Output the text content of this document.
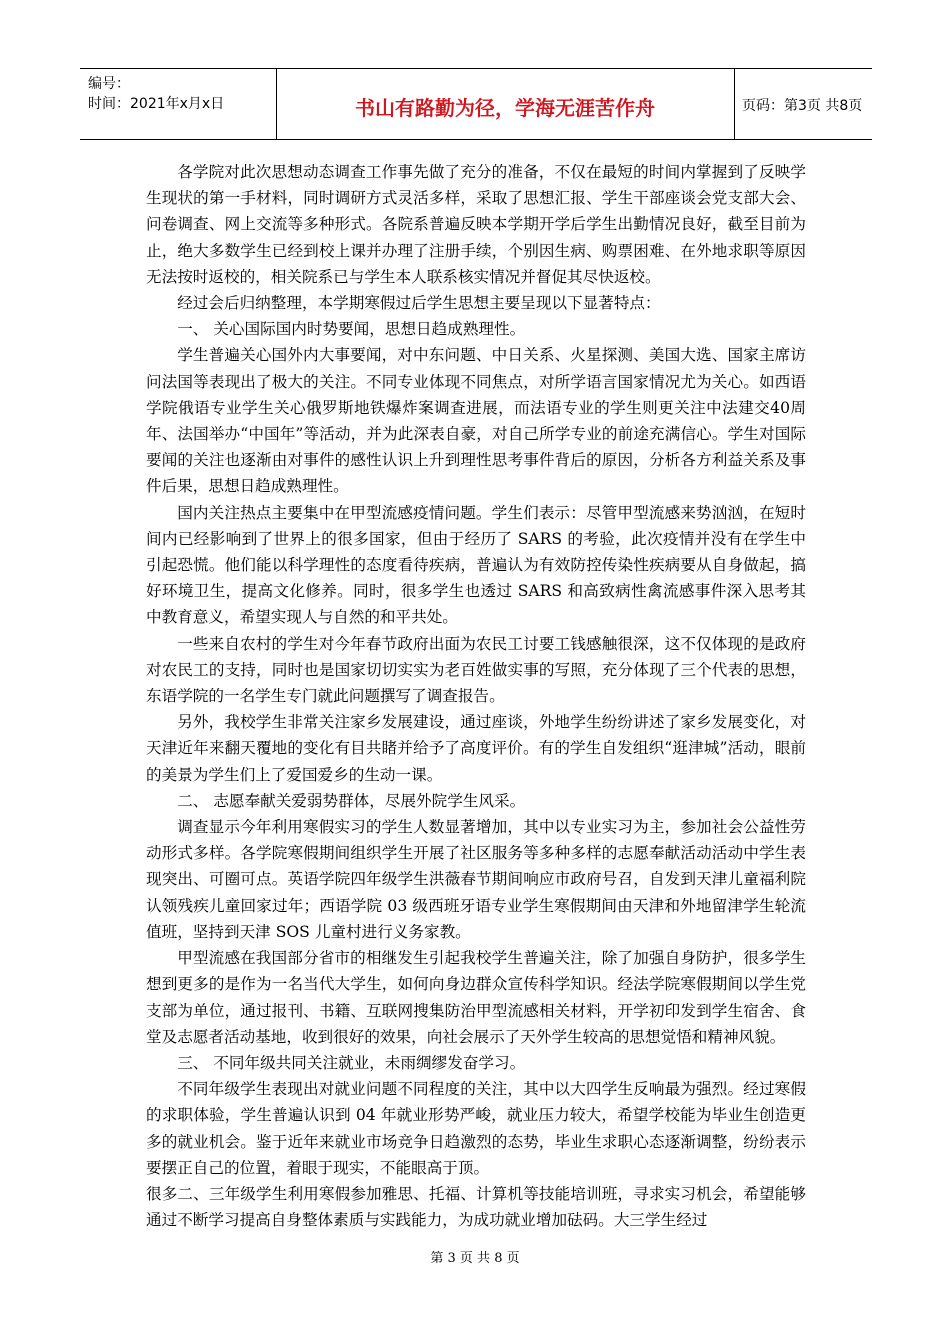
编号：
时间：2021年x月x日	书山有路勤为径，学海无涯苦作舟	页码：第3页 共8页

各学院对此次思想动态调查工作事先做了充分的准备，不仅在最短的时间内掌握到了反映学生现状的第一手材料，同时调研方式灵活多样，采取了思想汇报、学生干部座谈会党支部大会、问卷调查、网上交流等多种形式。各院系普遍反映本学期开学后学生出勤情况良好，截至目前为止，绝大多数学生已经到校上课并办理了注册手续，个别因生病、购票困难、在外地求职等原因无法按时返校的，相关院系已与学生本人联系核实情况并督促其尽快返校。

经过会后归纳整理，本学期寒假过后学生思想主要呈现以下显著特点：

一、 关心国际国内时势要闻，思想日趋成熟理性。

学生普遍关心国外内大事要闻，对中东问题、中日关系、火星探测、美国大选、国家主席访问法国等表现出了极大的关注。不同专业体现不同焦点，对所学语言国家情况尤为关心。如西语学院俄语专业学生关心俄罗斯地铁爆炸案调查进展，而法语专业的学生则更关注中法建交40周年、法国举办“中国年”等活动，并为此深表自豪，对自己所学专业的前途充满信心。学生对国际要闻的关注也逐渐由对事件的感性认识上升到理性思考事件背后的原因，分析各方利益关系及事件后果，思想日趋成熟理性。

国内关注热点主要集中在甲型流感疫情问题。学生们表示：尽管甲型流感来势汹汹，在短时间内已经影响到了世界上的很多国家，但由于经历了 SARS 的考验，此次疫情并没有在学生中引起恐慌。他们能以科学理性的态度看待疾病，普遍认为有效防控传染性疾病要从自身做起，搞好环境卫生，提高文化修养。同时，很多学生也透过 SARS 和高致病性禽流感事件深入思考其中教育意义，希望实现人与自然的和平共处。

一些来自农村的学生对今年春节政府出面为农民工讨要工钱感触很深，这不仅体现的是政府对农民工的支持，同时也是国家切切实实为老百姓做实事的写照，充分体现了三个代表的思想，东语学院的一名学生专门就此问题撰写了调查报告。

另外，我校学生非常关注家乡发展建设，通过座谈，外地学生纷纷讲述了家乡发展变化，对天津近年来翻天覆地的变化有目共睹并给予了高度评价。有的学生自发组织“逛津城”活动，眼前的美景为学生们上了爱国爱乡的生动一课。

二、 志愿奉献关爱弱势群体，尽展外院学生风采。

调查显示今年利用寒假实习的学生人数显著增加，其中以专业实习为主，参加社会公益性劳动形式多样。各学院寒假期间组织学生开展了社区服务等多种多样的志愿奉献活动活动中学生表现突出、可圈可点。英语学院四年级学生洪薇春节期间响应市政府号召，自发到天津儿童福利院认领残疾儿童回家过年；西语学院 03 级西班牙语专业学生寒假期间由天津和外地留津学生轮流值班，坚持到天津 SOS 儿童村进行义务家教。

甲型流感在我国部分省市的相继发生引起我校学生普遍关注，除了加强自身防护，很多学生想到更多的是作为一名当代大学生，如何向身边群众宣传科学知识。经法学院寒假期间以学生党支部为单位，通过报刊、书籍、互联网搜集防治甲型流感相关材料，开学初印发到学生宿舍、食堂及志愿者活动基地，收到很好的效果，向社会展示了天外学生较高的思想觉悟和精神风貌。

三、 不同年级共同关注就业，未雨绸缪发奋学习。

不同年级学生表现出对就业问题不同程度的关注，其中以大四学生反响最为强烈。经过寒假的求职体验，学生普遍认识到 04 年就业形势严峻，就业压力较大，希望学校能为毕业生创造更多的就业机会。鉴于近年来就业市场竞争日趋激烈的态势，毕业生求职心态逐渐调整，纷纷表示要摆正自己的位置，着眼于现实，不能眼高于顶。

很多二、三年级学生利用寒假参加雅思、托福、计算机等技能培训班，寻求实习机会，希望能够通过不断学习提高自身整体素质与实践能力，为成功就业增加砝码。大三学生经过

第 3 页 共 8 页
